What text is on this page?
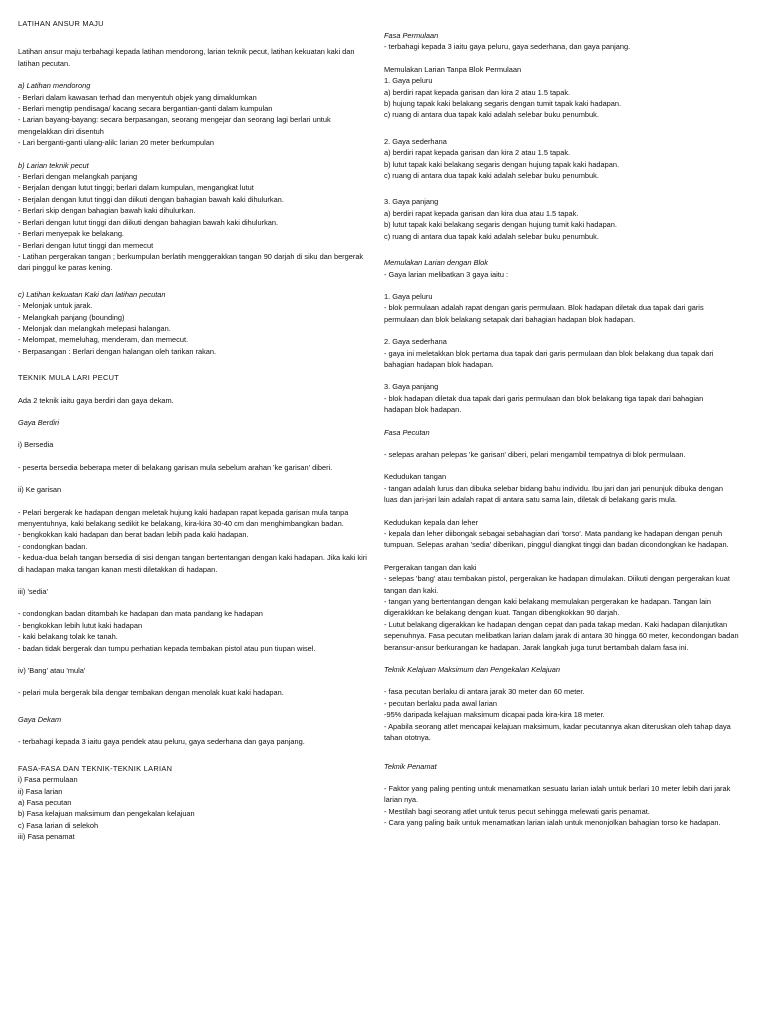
LATIHAN ANSUR MAJU
Latihan ansur maju terbahagi kepada latihan mendorong, larian teknik pecut, latihan kekuatan kaki dan
latihan pecutan.
a) Latihan mendorong
- Berlari dalam kawasan terhad dan menyentuh objek yang dimaklumkan
- Berlari mengtip pendisaga/ kacang secara bergantian-ganti dalam kumpulan
- Larian bayang-bayang: secara berpasangan, seorang mengejar dan seorang lagi berlari untuk
mengelakkan diri disentuh
- Lari berganti-ganti ulang-alik: larian 20 meter berkumpulan
b) Larian teknik pecut
- Berlari dengan melangkah panjang
- Berjalan dengan lutut tinggi; berlari dalam kumpulan, mengangkat lutut
- Berjalan dengan lutut tinggi dan diikuti dengan bahagian bawah kaki dihulurkan.
- Berlari skip dengan bahagian bawah kaki dihulurkan.
- Berlari dengan lutut tinggi dan diikuti dengan bahagian bawah kaki dihulurkan.
- Berlari menyepak ke belakang.
- Berlari dengan lutut tinggi dan memecut
- Latihan pergerakan tangan ; berkumpulan berlatih menggerakkan tangan 90 darjah di siku dan bergerak
dari pinggul ke paras kening.
c) Latihan kekuatan Kaki dan latihan pecutan
- Melonjak untuk jarak.
- Melangkah panjang (bounding)
- Melonjak dan melangkah melepasi halangan.
- Melompat, memeluhag, menderam, dan memecut.
- Berpasangan : Berlari dengan halangan oleh tarikan rakan.
TEKNIK MULA LARI PECUT
Ada 2 teknik iaitu gaya berdiri dan gaya dekam.
Gaya Berdiri
i) Bersedia
- peserta bersedia beberapa meter di belakang garisan mula sebelum arahan 'ke garisan' diberi.
ii) Ke garisan
- Pelari bergerak ke hadapan dengan meletak hujung kaki hadapan rapat kepada garisan mula tanpa
menyentuhnya, kaki belakang sedikit ke belakang, kira-kira 30-40 cm dan menghimbangkan badan.
- bengkokkan kaki hadapan dan berat badan lebih pada kaki hadapan.
- condongkan badan.
- kedua-dua belah tangan bersedia di sisi dengan tangan bertentangan dengan kaki hadapan. Jika kaki kiri
di hadapan maka tangan kanan mesti diletakkan di hadapan.
iii) 'sedia'
- condongkan badan ditambah ke hadapan dan mata pandang ke hadapan
- bengkokkan lebih lutut kaki hadapan
- kaki belakang tolak ke tanah.
- badan tidak bergerak dan tumpu perhatian kepada tembakan pistol atau pun tiupan wisel.
iv) 'Bang' atau 'mula'
- pelari mula bergerak bila dengar tembakan dengan menolak kuat kaki hadapan.
Gaya Dekam
- terbahagi kepada 3 iaitu gaya pendek atau peluru, gaya sederhana dan gaya panjang.
FASA-FASA DAN TEKNIK-TEKNIK LARIAN
i) Fasa permulaan
ii) Fasa larian
a) Fasa pecutan
b) Fasa kelajuan maksimum dan pengekalan kelajuan
c) Fasa larian di selekoh
iii) Fasa penamat
Fasa Permulaan
- terbahagi kepada 3 iaitu gaya peluru, gaya sederhana, dan gaya panjang.
Memulakan Larian Tanpa Blok Permulaan
1. Gaya peluru
a) berdiri rapat kepada garisan dan kira 2 atau 1.5 tapak.
b) hujung tapak kaki belakang segaris dengan tumit tapak kaki hadapan.
c) ruang di antara dua tapak kaki adalah selebar buku penumbuk.
2. Gaya sederhana
a) berdiri rapat kepada garisan dan kira 2 atau 1.5 tapak.
b) lutut tapak kaki belakang segaris dengan hujung tapak kaki hadapan.
c) ruang di antara dua tapak kaki adalah selebar buku penumbuk.
3. Gaya panjang
a) berdiri rapat kepada garisan dan kira dua atau 1.5 tapak.
b) lutut tapak kaki belakang segaris dengan hujung tumit kaki hadapan.
c) ruang di antara dua tapak kaki adalah selebar buku penumbuk.
Memulakan Larian dengan Blok
- Gaya larian melibatkan 3 gaya iaitu :
1. Gaya peluru
- blok permulaan adalah rapat dengan garis permulaan. Blok hadapan diletak dua tapak dari garis
permulaan dan blok belakang setapak dari bahagian hadapan blok hadapan.
2. Gaya sederhana
- gaya ini meletakkan blok pertama dua tapak dari garis permulaan dan blok belakang dua tapak dari
bahagian hadapan blok hadapan.
3. Gaya panjang
- blok hadapan diletak dua tapak dari garis permulaan dan blok belakang tiga tapak dari bahagian
hadapan blok hadapan.
Fasa Pecutan
- selepas arahan pelepas 'ke garisan' diberi, pelari mengambil tempatnya di blok permulaan.
Kedudukan tangan
- tangan adalah lurus dan dibuka selebar bidang bahu individu. Ibu jari dan jari penunjuk dibuka dengan
luas dan jari-jari lain adalah rapat di antara satu sama lain, diletak di belakang garis mula.
Kedudukan kepala dan leher
- kepala dan leher diibongak sebagai sebahagian dari 'torso'. Mata pandang ke hadapan dengan penuh
tumpuan. Selepas arahan 'sedia' diberikan, pinggul diangkat tinggi dan badan dicondongkan ke hadapan.
Pergerakan tangan dan kaki
- selepas 'bang' atau tembakan pistol, pergerakan ke hadapan dimulakan. Diikuti dengan pergerakan kuat
tangan dan kaki.
- tangan yang bertentangan dengan kaki belakang memulakan pergerakan ke hadapan. Tangan lain
digerakkkan ke belakang dengan kuat. Tangan dibengkokkan 90 darjah.
- Lutut belakang digerakkan ke hadapan dengan cepat dan pada takap medan. Kaki hadapan dilanjutkan
sepenuhnya. Fasa pecutan melibatkan larian dalam jarak di antara 30 hingga 60 meter, kecondongan badan
beransur-ansur berkurangan ke hadapan. Jarak langkah juga turut bertambah dalam fasa ini.
Teknik Kelajuan Maksimum dan Pengekalan Kelajuan
- fasa pecutan berlaku di antara jarak 30 meter dan 60 meter.
- pecutan berlaku pada awal larian
-95% daripada kelajuan maksimum dicapai pada kira-kira 18 meter.
- Apabila seorang atlet mencapai kelajuan maksimum, kadar pecutannya akan diteruskan oleh tahap daya
tahan ototnya.
Teknik Penamat
- Faktor yang paling penting untuk menamatkan sesuatu larian ialah untuk berlari 10 meter lebih dari jarak
larian nya.
- Mestilah bagi seorang atlet untuk terus pecut sehingga melewati garis penamat.
- Cara yang paling baik untuk menamatkan larian ialah untuk menonjolkan bahagian torso ke hadapan.
